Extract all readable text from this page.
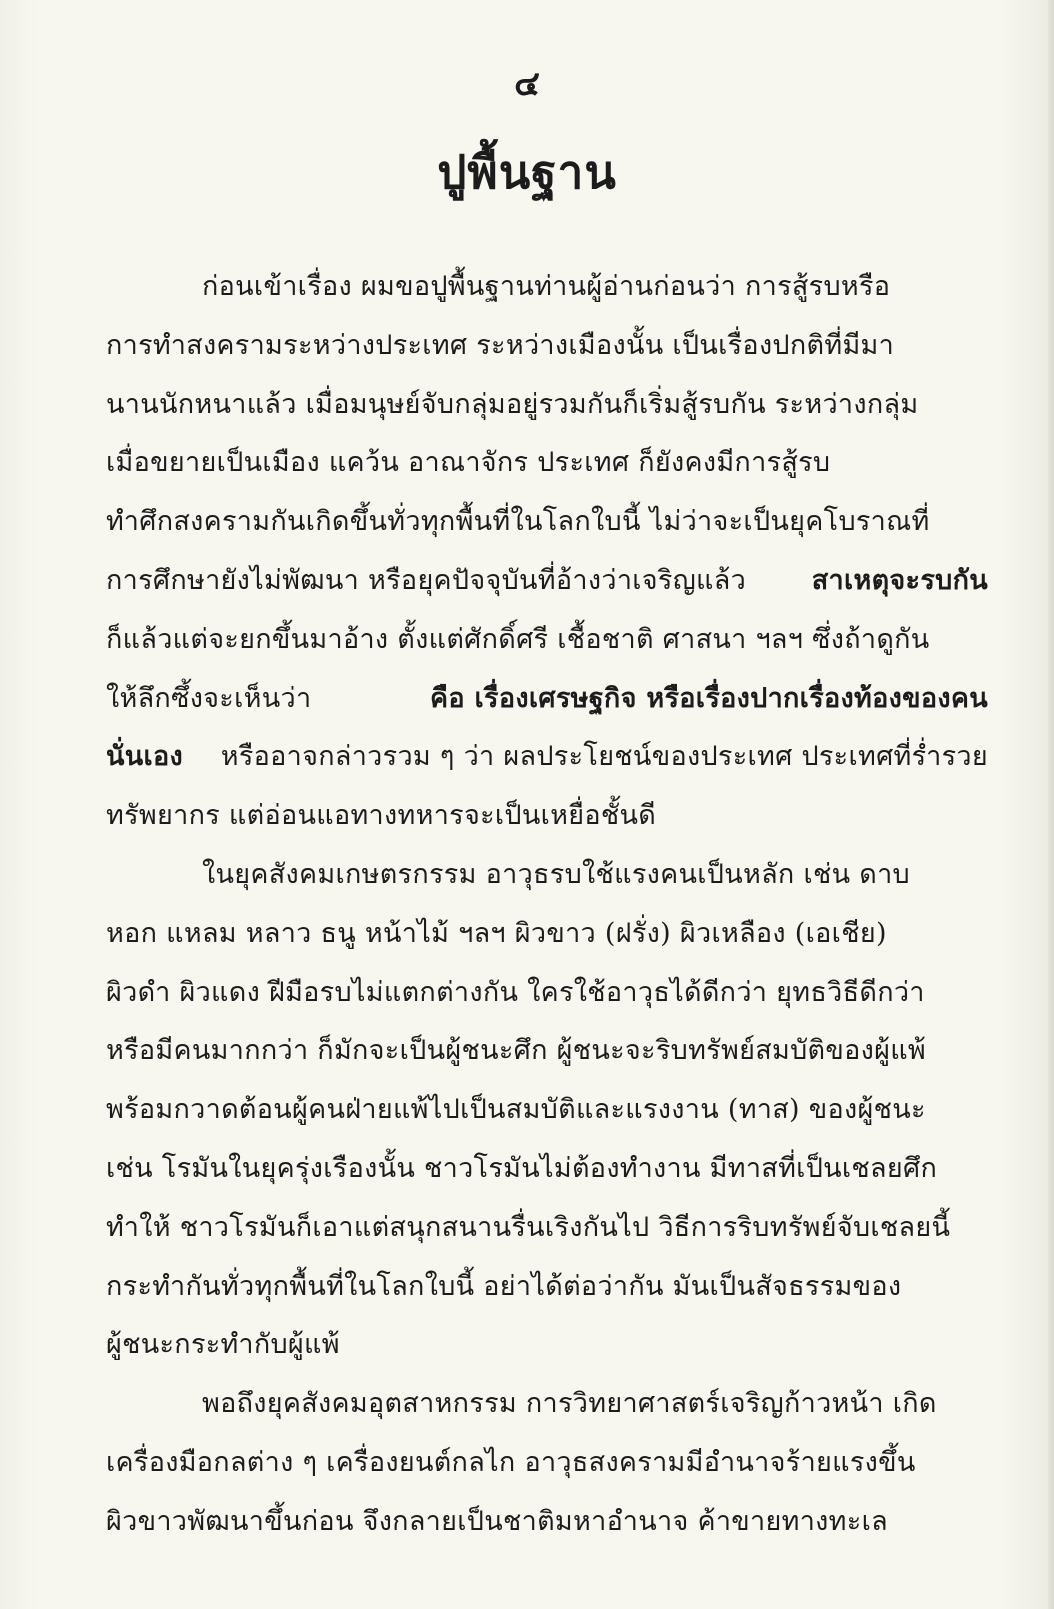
๔
ปูพื้นฐาน
ก่อนเข้าเรื่อง ผมขอปูพื้นฐานท่านผู้อ่านก่อนว่า การสู้รบหรือ
การทำสงครามระหว่างประเทศ ระหว่างเมืองนั้น เป็นเรื่องปกติที่มีมา
นานนักหนาแล้ว เมื่อมนุษย์จับกลุ่มอยู่รวมกันก็เริ่มสู้รบกัน ระหว่างกลุ่ม
เมื่อขยายเป็นเมือง แคว้น อาณาจักร ประเทศ ก็ยังคงมีการสู้รบ
ทำศึกสงครามกันเกิดขึ้นทั่วทุกพื้นที่ในโลกใบนี้ ไม่ว่าจะเป็นยุคโบราณที่
การศึกษายังไม่พัฒนา หรือยุคปัจจุบันที่อ้างว่าเจริญแล้ว สาเหตุจะรบกัน
ก็แล้วแต่จะยกขึ้นมาอ้าง ตั้งแต่ศักดิ์ศรี เชื้อชาติ ศาสนา ฯลฯ ซึ่งถ้าดูกัน
ให้ลึกซึ้งจะเห็นว่า	คือ เรื่องเศรษฐกิจ หรือเรื่องปากเรื่องท้องของคน
นั่นเอง หรืออาจกล่าวรวม ๆ ว่า ผลประโยชน์ของประเทศ ประเทศที่ร่ำรวย
ทรัพยากร แต่อ่อนแอทางทหารจะเป็นเหยื่อชั้นดี
ในยุคสังคมเกษตรกรรม อาวุธรบใช้แรงคนเป็นหลัก เช่น ดาบ
หอก แหลม หลาว ธนู หน้าไม้ ฯลฯ ผิวขาว (ฝรั่ง) ผิวเหลือง (เอเชีย)
ผิวดำ ผิวแดง ฝีมือรบไม่แตกต่างกัน ใครใช้อาวุธได้ดีกว่า ยุทธวิธีดีกว่า
หรือมีคนมากกว่า ก็มักจะเป็นผู้ชนะศึก ผู้ชนะจะริบทรัพย์สมบัติของผู้แพ้
พร้อมกวาดต้อนผู้คนฝ่ายแพ้ไปเป็นสมบัติและแรงงาน (ทาส) ของผู้ชนะ
เช่น โรมันในยุครุ่งเรืองนั้น ชาวโรมันไม่ต้องทำงาน มีทาสที่เป็นเชลยศึก
ทำให้ ชาวโรมันก็เอาแต่สนุกสนานรื่นเริงกันไป วิธีการริบทรัพย์จับเชลยนี้
กระทำกันทั่วทุกพื้นที่ในโลกใบนี้ อย่าได้ต่อว่ากัน มันเป็นสัจธรรมของ
ผู้ชนะกระทำกับผู้แพ้
พอถึงยุคสังคมอุตสาหกรรม การวิทยาศาสตร์เจริญก้าวหน้า เกิด
เครื่องมือกลต่าง ๆ เครื่องยนต์กลไก อาวุธสงครามมีอำนาจร้ายแรงขึ้น
ผิวขาวพัฒนาขึ้นก่อน จึงกลายเป็นชาติมหาอำนาจ ค้าขายทางทะเล
